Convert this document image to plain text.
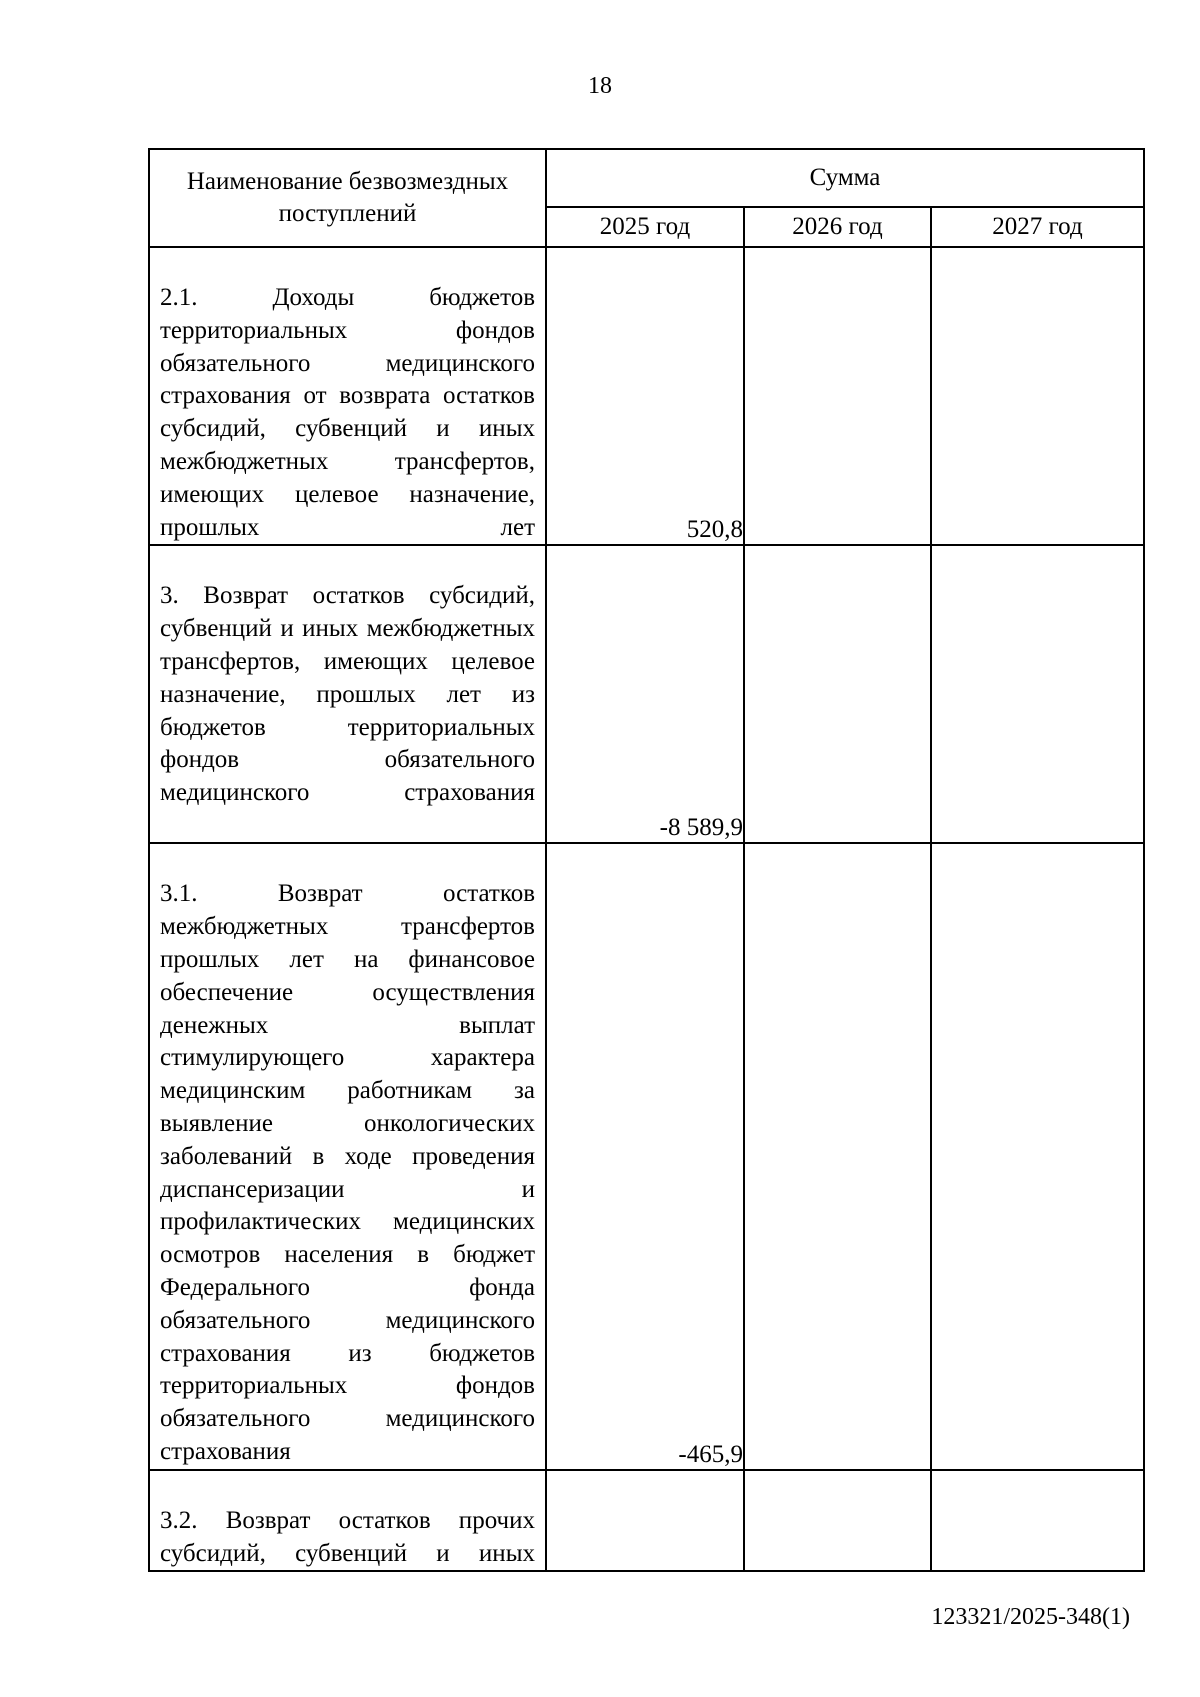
18
Наименование безвозмездных поступлений	Сумма		
	2025 год	2026 год	2027 год

2.1. Доходы бюджетов территориальных фондов обязательного медицинского страхования от возврата остатков субсидий, субвенций и иных межбюджетных трансфертов, имеющих целевое назначение, прошлых лет	520,8		

3. Возврат остатков субсидий, субвенций и иных межбюджетных трансфертов, имеющих целевое назначение, прошлых лет из бюджетов территориальных фондов обязательного медицинского страхования	-8 589,9		

3.1. Возврат остатков межбюджетных трансфертов прошлых лет на финансовое обеспечение осуществления денежных выплат стимулирующего характера медицинским работникам за выявление онкологических заболеваний в ходе проведения диспансеризации и профилактических медицинских осмотров населения в бюджет Федерального фонда обязательного медицинского страхования из бюджетов территориальных фондов обязательного медицинского страхования	-465,9		

3.2. Возврат остатков прочих субсидий, субвенций и иных			

123321/2025-348(1)
